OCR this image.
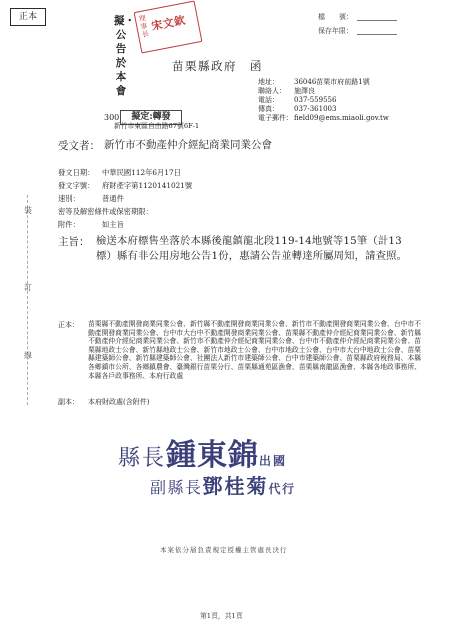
正本	檔　　號：
保存年限：
擬・公告於本會
理事長
宋文欽
苗栗縣政府　函
地址： 36046苗栗市府前路1號
聯絡人： 施澤良
電話： 037-559556
傳真： 037-361003
電子郵件：field09@ems.miaoli.gov.tw
擬定:轉發
300
新竹市東區自由路67號6F-1
受文者： 新竹市不動產仲介經紀商業同業公會
發文日期： 中華民國112年6月17日
發文字號： 府財產字第1120141021號
速別：	普通件
密等及解密條件或保密期限：
附件：	如主旨
主旨： 檢送本府標售坐落於本縣後龍鎮龍北段119-14地號等15筆（計13標）縣有非公用房地公告1份，惠請公告並轉達所屬周知，請查照。
裝
訂
線
正本： 苗栗縣不動產開發商業同業公會、新竹縣不動產開發商業同業公會、新竹市不動產開發商業同業公會、台中市不動產開發商業同業公會、台中市大台中不動產開發商業同業公會、苗栗縣不動產仲介經紀商業同業公會、新竹縣不動產仲介經紀商業同業公會、新竹市不動產仲介經紀商業同業公會、台中市不動產仲介經紀商業同業公會、苗栗縣地政士公會、新竹縣地政士公會、新竹市地政士公會、台中市地政士公會、台中市大台中地政士公會、苗栗縣建築師公會、新竹縣建築師公會、社團法人新竹市建築師公會、台中市建築師公會、苗栗縣政府稅務局、本縣各鄉鎮市公所、各鄉鎮農會、臺灣銀行苗栗分行、苗栗縣通苑區漁會、苗栗縣南龍區漁會、本縣各地政事務所、本縣各戶政事務所、本府行政處
副本： 本府財政處(含附件)
縣長鍾東錦出國
副縣長鄧桂菊代行
本案依分層負責規定授權主管處長決行
第1頁，共1頁
